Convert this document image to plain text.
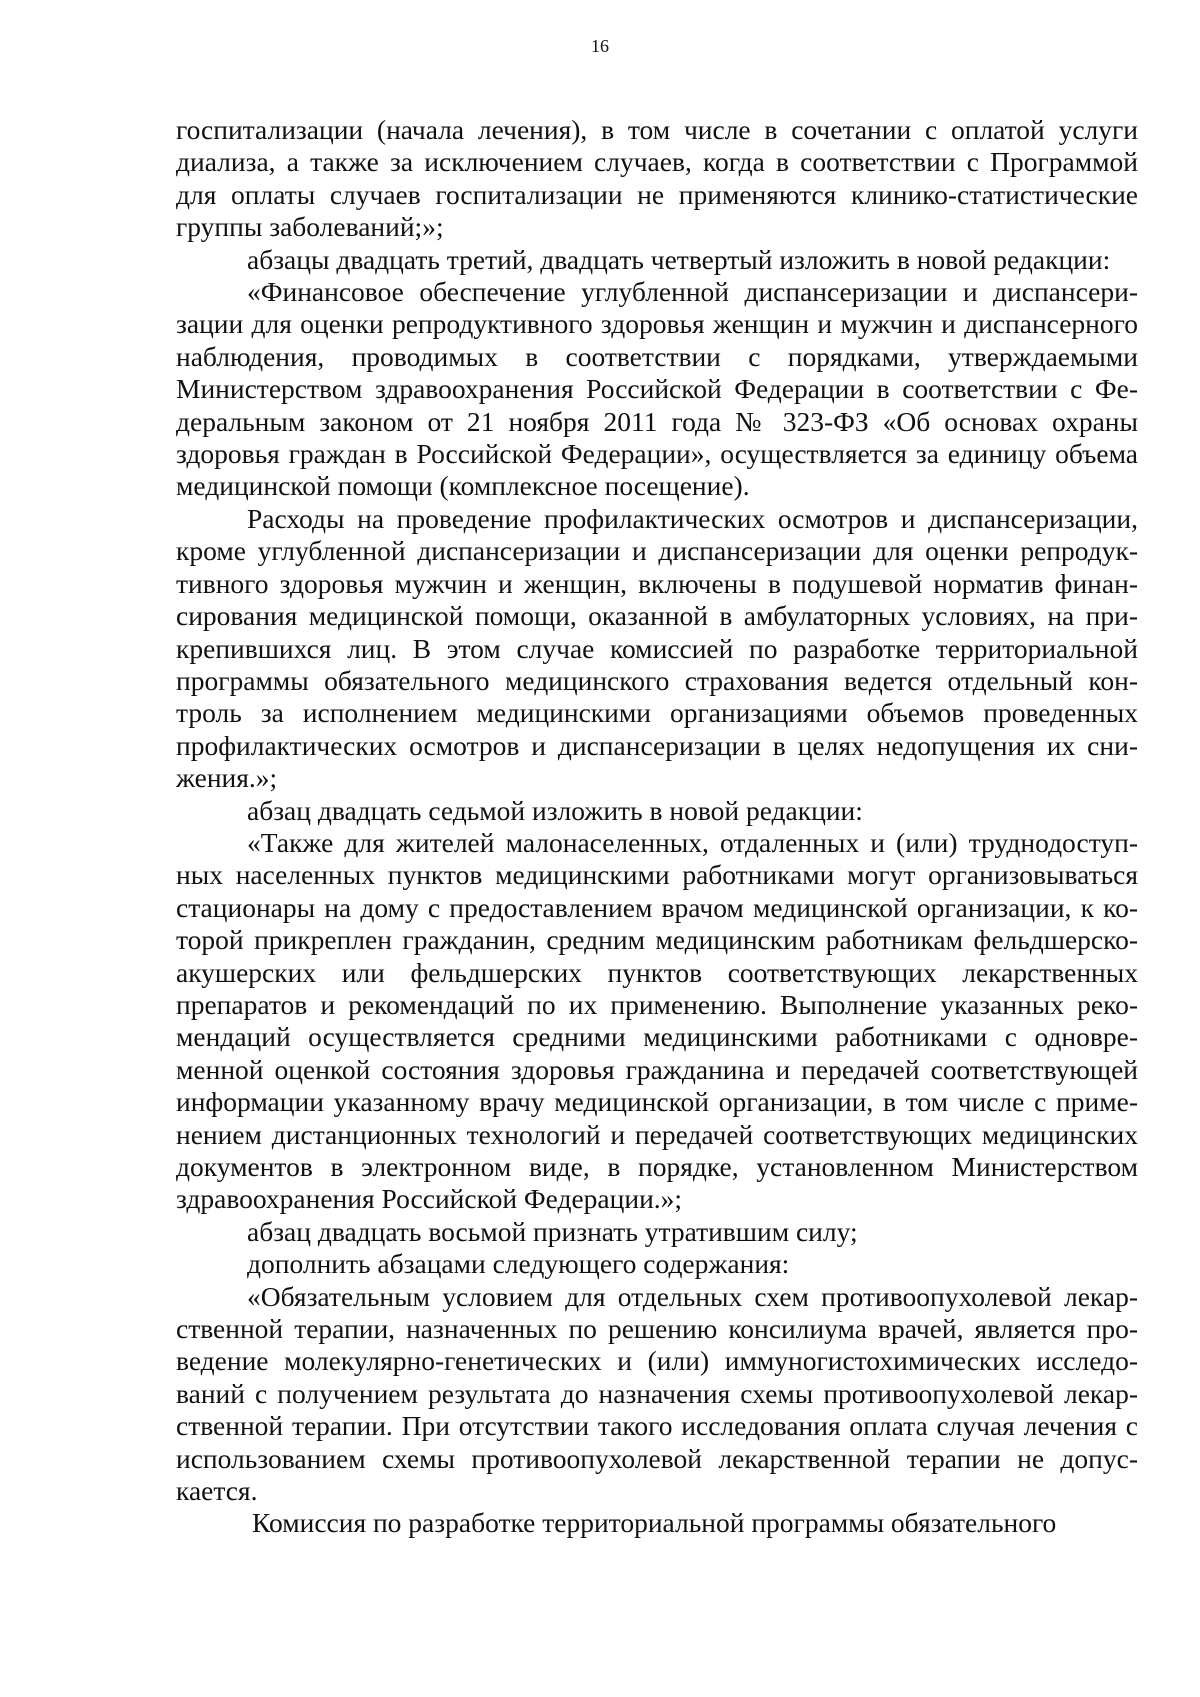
16

госпитализации (начала лечения), в том числе в сочетании с оплатой услуги диализа, а также за исключением случаев, когда в соответствии с Программой для оплаты случаев госпитализации не применяются клинико-статистические группы заболеваний;»;

абзацы двадцать третий, двадцать четвертый изложить в новой редакции:

«Финансовое обеспечение углубленной диспансеризации и диспансеризации для оценки репродуктивного здоровья женщин и мужчин и диспансерного наблюдения, проводимых в соответствии с порядками, утверждаемыми Министерством здравоохранения Российской Федерации в соответствии с Федеральным законом от 21 ноября 2011 года № 323-ФЗ «Об основах охраны здоровья граждан в Российской Федерации», осуществляется за единицу объема медицинской помощи (комплексное посещение).

Расходы на проведение профилактических осмотров и диспансеризации, кроме углубленной диспансеризации и диспансеризации для оценки репродуктивного здоровья мужчин и женщин, включены в подушевой норматив финансирования медицинской помощи, оказанной в амбулаторных условиях, на прикрепившихся лиц. В этом случае комиссией по разработке территориальной программы обязательного медицинского страхования ведется отдельный контроль за исполнением медицинскими организациями объемов проведенных профилактических осмотров и диспансеризации в целях недопущения их снижения.»;

абзац двадцать седьмой изложить в новой редакции:

«Также для жителей малонаселенных, отдаленных и (или) труднодоступных населенных пунктов медицинскими работниками могут организовываться стационары на дому с предоставлением врачом медицинской организации, к которой прикреплен гражданин, средним медицинским работникам фельдшерско-акушерских или фельдшерских пунктов соответствующих лекарственных препаратов и рекомендаций по их применению. Выполнение указанных рекомендаций осуществляется средними медицинскими работниками с одновременной оценкой состояния здоровья гражданина и передачей соответствующей информации указанному врачу медицинской организации, в том числе с применением дистанционных технологий и передачей соответствующих медицинских документов в электронном виде, в порядке, установленном Министерством здравоохранения Российской Федерации.»;

абзац двадцать восьмой признать утратившим силу;

дополнить абзацами следующего содержания:

«Обязательным условием для отдельных схем противоопухолевой лекарственной терапии, назначенных по решению консилиума врачей, является проведение молекулярно-генетических и (или) иммуногистохимических исследований с получением результата до назначения схемы противоопухолевой лекарственной терапии. При отсутствии такого исследования оплата случая лечения с использованием схемы противоопухолевой лекарственной терапии не допускается.

Комиссия по разработке территориальной программы обязательного
